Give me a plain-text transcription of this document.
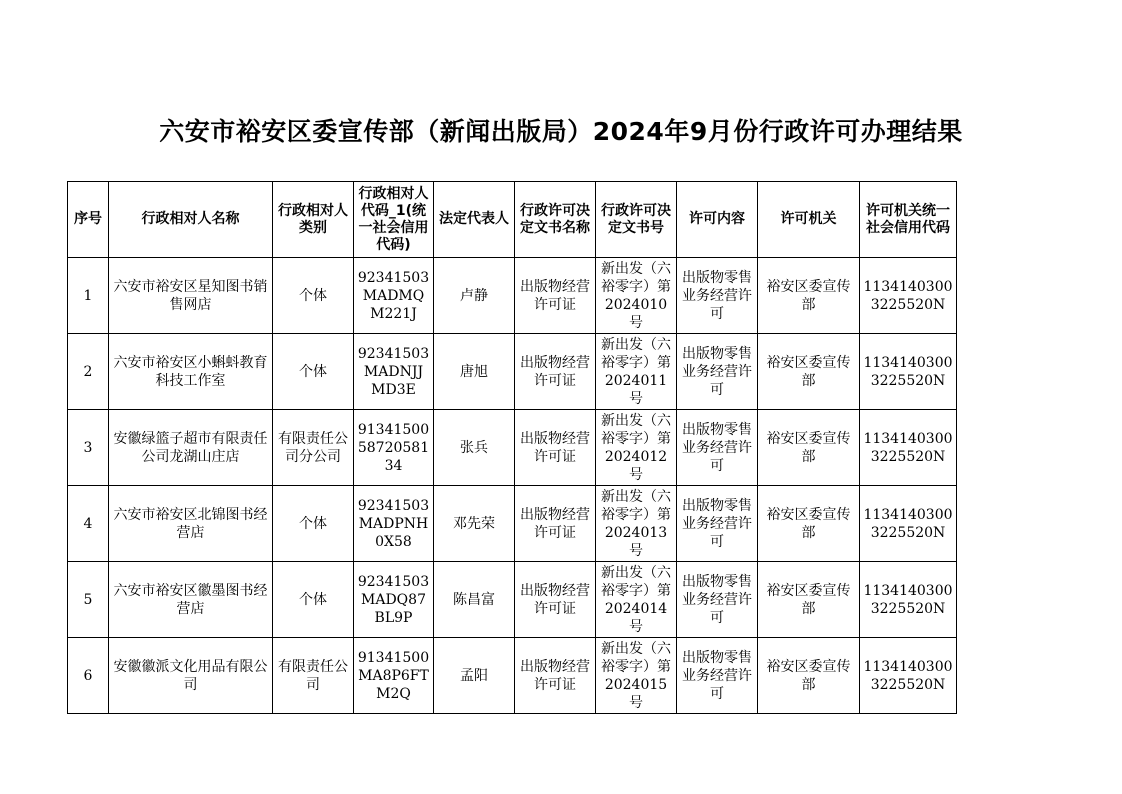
六安市裕安区委宣传部（新闻出版局）2024年9月份行政许可办理结果
序号	行政相对人名称	行政相对人类别	行政相对人代码_1(统一社会信用代码)	法定代表人	行政许可决定文书名称	行政许可决定文书号	许可内容	许可机关	许可机关统一社会信用代码
1	六安市裕安区星知图书销售网店	个体	92341503MADMQM221J	卢静	出版物经营许可证	新出发（六裕零字）第2024010号	出版物零售业务经营许可	裕安区委宣传部	11341403003225520N
2	六安市裕安区小蝌蚪教育科技工作室	个体	92341503MADNJJMD3E	唐旭	出版物经营许可证	新出发（六裕零字）第2024011号	出版物零售业务经营许可	裕安区委宣传部	11341403003225520N
3	安徽绿篮子超市有限责任公司龙湖山庄店	有限责任公司分公司	913415005872058134	张兵	出版物经营许可证	新出发（六裕零字）第2024012号	出版物零售业务经营许可	裕安区委宣传部	11341403003225520N
4	六安市裕安区北锦图书经营店	个体	92341503MADPNH0X58	邓先荣	出版物经营许可证	新出发（六裕零字）第2024013号	出版物零售业务经营许可	裕安区委宣传部	11341403003225520N
5	六安市裕安区徽墨图书经营店	个体	92341503MADQ87BL9P	陈昌富	出版物经营许可证	新出发（六裕零字）第2024014号	出版物零售业务经营许可	裕安区委宣传部	11341403003225520N
6	安徽徽派文化用品有限公司	有限责任公司	91341500MA8P6FTM2Q	孟阳	出版物经营许可证	新出发（六裕零字）第2024015号	出版物零售业务经营许可	裕安区委宣传部	11341403003225520N
